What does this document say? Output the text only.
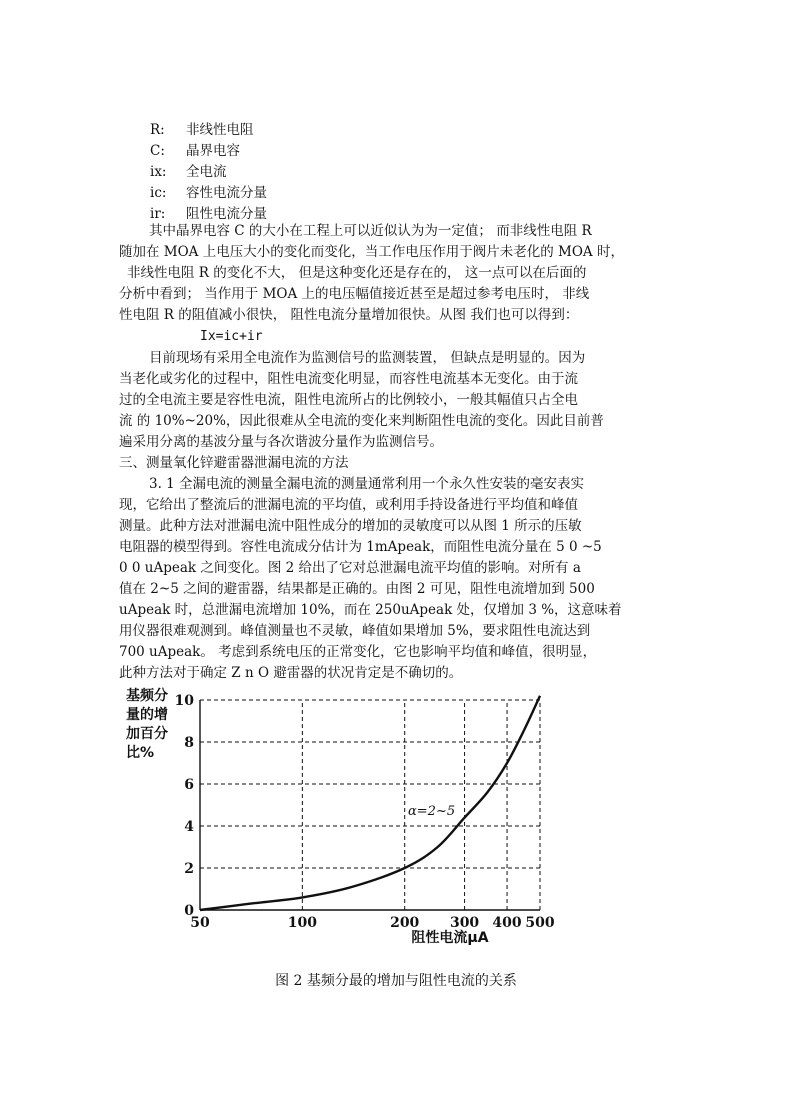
R: 非线性电阻
C: 晶界电容
ix: 全电流
ic: 容性电流分量
ir: 阻性电流分量
其中晶界电容 C 的大小在工程上可以近似认为为一定值； 而非线性电阻 R
随加在 MOA 上电压大小的变化而变化，当工作电压作用于阀片未老化的 MOA 时，
非线性电阻 R 的变化不大， 但是这种变化还是存在的， 这一点可以在后面的
分析中看到； 当作用于 MOA 上的电压幅值接近甚至是超过参考电压时， 非线
性电阻 R 的阻值减小很快， 阻性电流分量增加很快。从图 我们也可以得到：
Ix=ic+ir
目前现场有采用全电流作为监测信号的监测装置， 但缺点是明显的。因为
当老化或劣化的过程中，阻性电流变化明显，而容性电流基本无变化。由于流
过的全电流主要是容性电流，阻性电流所占的比例较小，一般其幅值只占全电
流 的 10%~20%，因此很难从全电流的变化来判断阻性电流的变化。因此目前普
遍采用分离的基波分量与各次谐波分量作为监测信号。
三、测量氧化锌避雷器泄漏电流的方法
3. 1 全漏电流的测量全漏电流的测量通常利用一个永久性安装的毫安表实
现，它给出了整流后的泄漏电流的平均值，或利用手持设备进行平均值和峰值
测量。此种方法对泄漏电流中阻性成分的增加的灵敏度可以从图 1 所示的压敏
电阻器的模型得到。容性电流成分估计为 1mApeak，而阻性电流分量在 5 0 ~5
0 0 uApeak 之间变化。图 2 给出了它对总泄漏电流平均值的影响。对所有 a
值在 2~5 之间的避雷器，结果都是正确的。由图 2 可见，阻性电流增加到 500
uApeak 时，总泄漏电流增加 10%，而在 250uApeak 处，仅增加 3 %，这意味着
用仪器很难观测到。峰值测量也不灵敏，峰值如果增加 5%，要求阻性电流达到
700 uApeak。 考虑到系统电压的正常变化，它也影响平均值和峰值，很明显，
此种方法对于确定 Z n O 避雷器的状况肯定是不确切的。
基频分
量的增
加百分
比%
0
2
4
6
8
10
50	100	200 300 400 500
α=2~5
阻性电流μA
图 2 基频分最的增加与阻性电流的关系
